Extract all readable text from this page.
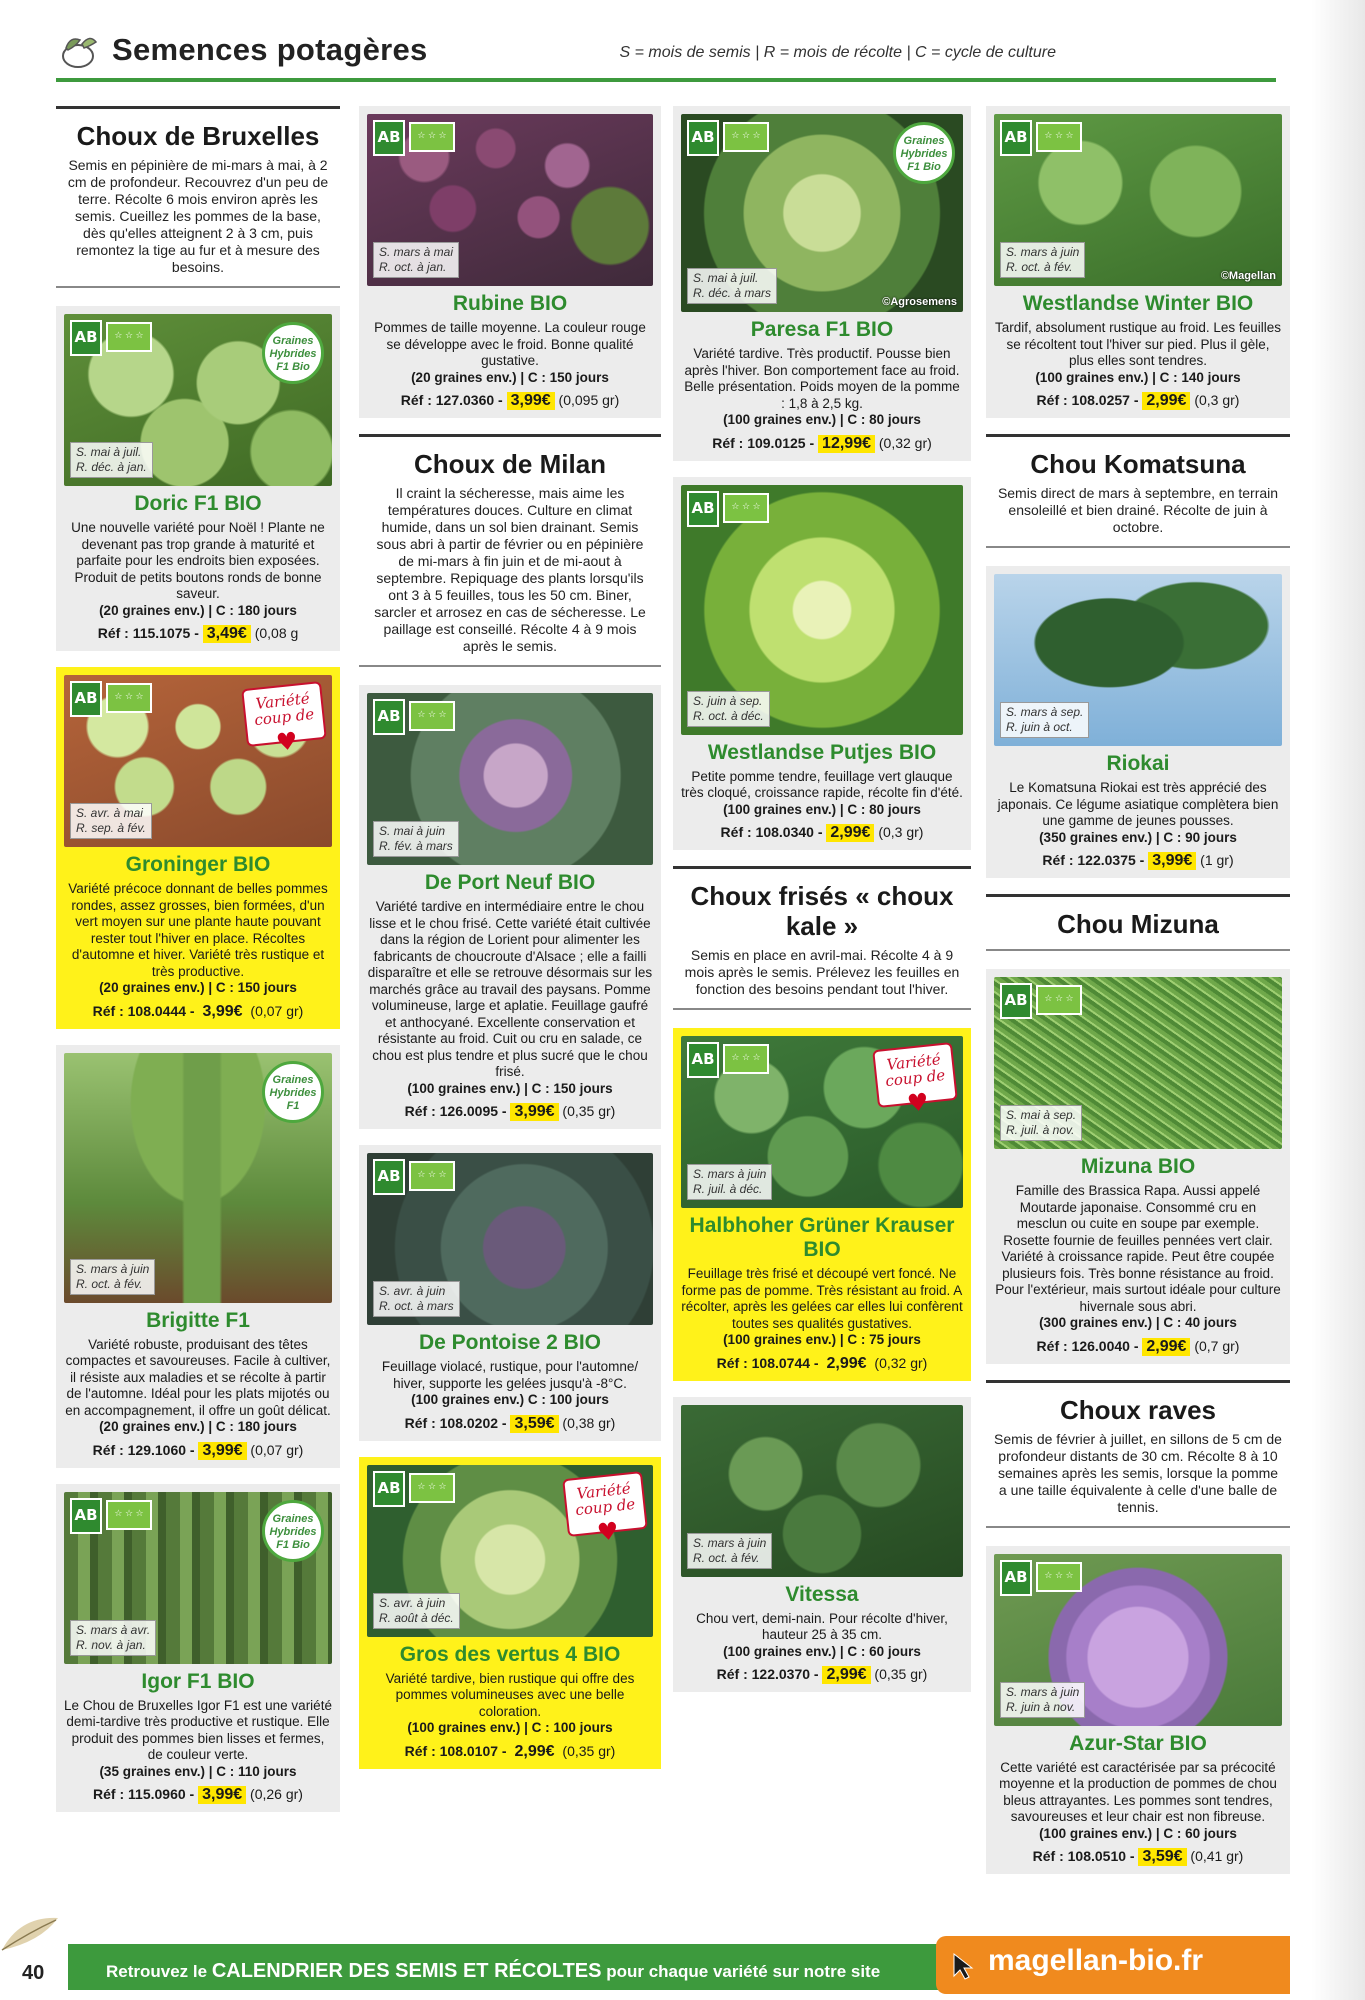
Semences potagères	S = mois de semis | R = mois de récolte | C = cycle de culture
Choux de Bruxelles
Semis en pépinière de mi-mars à mai, à 2 cm de profondeur. Recouvrez d'un peu de terre. Récolte 6 mois environ après les semis. Cueillez les pommes de la base, dès qu'elles atteignent 2 à 3 cm, puis remontez la tige au fur et à mesure des besoins.
AB ☆ ☆ ☆	Graines Hybrides F1 Bio
S. mai à juil.
R. déc. à jan.
Doric F1 BIO
Une nouvelle variété pour Noël ! Plante ne devenant pas trop grande à maturité et parfaite pour les endroits bien exposées. Produit de petits boutons ronds de bonne saveur.
(20 graines env.) | C : 180 jours
Réf : 115.1075 - 3,49€ (0,08 g
AB ☆ ☆ ☆	Variété coup de
♥
S. avr. à mai
R. sep. à fév.
Groninger BIO
Variété précoce donnant de belles pommes rondes, assez grosses, bien formées, d'un vert moyen sur une plante haute pouvant rester tout l'hiver en place. Récoltes d'automne et hiver. Variété très rustique et très productive.
(20 graines env.) | C : 150 jours
Réf : 108.0444 - 3,99€ (0,07 gr)
Graines Hybrides F1
S. mars à juin
R. oct. à fév.
Brigitte F1
Variété robuste, produisant des têtes compactes et savoureuses. Facile à cultiver, il résiste aux maladies et se récolte à partir de l'automne. Idéal pour les plats mijotés ou en accompagnement, il offre un goût délicat.
(20 graines env.) | C : 180 jours
Réf : 129.1060 - 3,99€ (0,07 gr)
AB ☆ ☆ ☆	Graines Hybrides F1 Bio
S. mars à avr.
R. nov. à jan.
Igor F1 BIO
Le Chou de Bruxelles Igor F1 est une variété demi-tardive très productive et rustique. Elle produit des pommes bien lisses et fermes, de couleur verte.
(35 graines env.) | C : 110 jours
Réf : 115.0960 - 3,99€ (0,26 gr)
AB
☆ ☆ ☆
S. mars à mai
R. oct. à jan.
Rubine BIO
Pommes de taille moyenne. La couleur rouge se développe avec le froid. Bonne qualité gustative.
(20 graines env.) | C : 150 jours
Réf : 127.0360 - 3,99€ (0,095 gr)
Choux de Milan
Il craint la sécheresse, mais aime les températures douces. Culture en climat humide, dans un sol bien drainant. Semis sous abri à partir de février ou en pépinière de mi-mars à fin juin et de mi-aout à septembre. Repiquage des plants lorsqu'ils ont 3 à 5 feuilles, tous les 50 cm. Biner, sarcler et arrosez en cas de sécheresse. Le paillage est conseillé. Récolte 4 à 9 mois après le semis.
AB
☆ ☆ ☆
S. mai à juin
R. fév. à mars
De Port Neuf BIO
Variété tardive en intermédiaire entre le chou lisse et le chou frisé. Cette variété était cultivée dans la région de Lorient pour alimenter les fabricants de choucroute d'Alsace ; elle a failli disparaître et elle se retrouve désormais sur les marchés grâce au travail des paysans. Pomme volumineuse, large et aplatie. Feuillage gaufré et anthocyané. Excellente conservation et résistante au froid. Cuit ou cru en salade, ce chou est plus tendre et plus sucré que le chou frisé.
(100 graines env.) | C : 150 jours
Réf : 126.0095 - 3,99€ (0,35 gr)
AB
☆ ☆ ☆
S. avr. à juin
R. oct. à mars
De Pontoise 2 BIO
Feuillage violacé, rustique, pour l'automne/ hiver, supporte les gelées jusqu'à -8°C.
(100 graines env.) C : 100 jours
Réf : 108.0202 - 3,59€ (0,38 gr)
AB ☆ ☆ ☆	Variété coup de
♥
S. avr. à juin
R. août à déc.
Gros des vertus 4 BIO
Variété tardive, bien rustique qui offre des pommes volumineuses avec une belle coloration.
(100 graines env.) | C : 100 jours
Réf : 108.0107 - 2,99€ (0,35 gr)
AB ☆ ☆ ☆	Graines Hybrides F1 Bio
S. mai à juil.
R. déc. à mars
©Agrosemens
Paresa F1 BIO
Variété tardive. Très productif. Pousse bien après l'hiver. Bon comportement face au froid. Belle présentation. Poids moyen de la pomme : 1,8 à 2,5 kg.
(100 graines env.) | C : 80 jours
Réf : 109.0125 - 12,99€ (0,32 gr)
AB
☆ ☆ ☆
S. juin à sep.
R. oct. à déc.
Westlandse Putjes BIO
Petite pomme tendre, feuillage vert glauque très cloqué, croissance rapide, récolte fin d'été.
(100 graines env.) | C : 80 jours
Réf : 108.0340 - 2,99€ (0,3 gr)
Choux frisés « choux kale »
Semis en place en avril-mai. Récolte 4 à 9 mois après le semis. Prélevez les feuilles en fonction des besoins pendant tout l'hiver.
AB ☆ ☆ ☆	Variété coup de
♥
S. mars à juin
R. juil. à déc.
Halbhoher Grüner Krauser BIO
Feuillage très frisé et découpé vert foncé. Ne forme pas de pomme. Très résistant au froid. A récolter, après les gelées car elles lui confèrent toutes ses qualités gustatives.
(100 graines env.) | C : 75 jours
Réf : 108.0744 - 2,99€ (0,32 gr)
S. mars à juin
R. oct. à fév.
Vitessa
Chou vert, demi-nain. Pour récolte d'hiver, hauteur 25 à 35 cm.
(100 graines env.) | C : 60 jours
Réf : 122.0370 - 2,99€ (0,35 gr)
AB
☆ ☆ ☆
S. mars à juin
R. oct. à fév.
©Magellan
Westlandse Winter BIO
Tardif, absolument rustique au froid. Les feuilles se récoltent tout l'hiver sur pied. Plus il gèle, plus elles sont tendres.
(100 graines env.) | C : 140 jours
Réf : 108.0257 - 2,99€ (0,3 gr)
Chou Komatsuna
Semis direct de mars à septembre, en terrain ensoleillé et bien drainé. Récolte de juin à octobre.
S. mars à sep.
R. juin à oct.
Riokai
Le Komatsuna Riokai est très apprécié des japonais. Ce légume asiatique complètera bien une gamme de jeunes pousses.
(350 graines env.) | C : 90 jours
Réf : 122.0375 - 3,99€ (1 gr)
Chou Mizuna
AB
☆ ☆ ☆
S. mai à sep.
R. juil. à nov.
Mizuna BIO
Famille des Brassica Rapa. Aussi appelé Moutarde japonaise. Consommé cru en mesclun ou cuite en soupe par exemple. Rosette fournie de feuilles pennées vert clair. Variété à croissance rapide. Peut être coupée plusieurs fois. Très bonne résistance au froid. Pour l'extérieur, mais surtout idéale pour culture hivernale sous abri.
(300 graines env.) | C : 40 jours
Réf : 126.0040 - 2,99€ (0,7 gr)
Choux raves
Semis de février à juillet, en sillons de 5 cm de profondeur distants de 30 cm. Récolte 8 à 10 semaines après les semis, lorsque la pomme a une taille équivalente à celle d'une balle de tennis.
AB
☆ ☆ ☆
S. mars à juin
R. juin à nov.
Azur-Star BIO
Cette variété est caractérisée par sa précocité moyenne et la production de pommes de chou bleus attrayantes. Les pommes sont tendres, savoureuses et leur chair est non fibreuse.
(100 graines env.) | C : 60 jours
Réf : 108.0510 - 3,59€ (0,41 gr)
40	Retrouvez le CALENDRIER DES SEMIS ET RÉCOLTES pour chaque variété sur notre site	magellan-bio.fr
